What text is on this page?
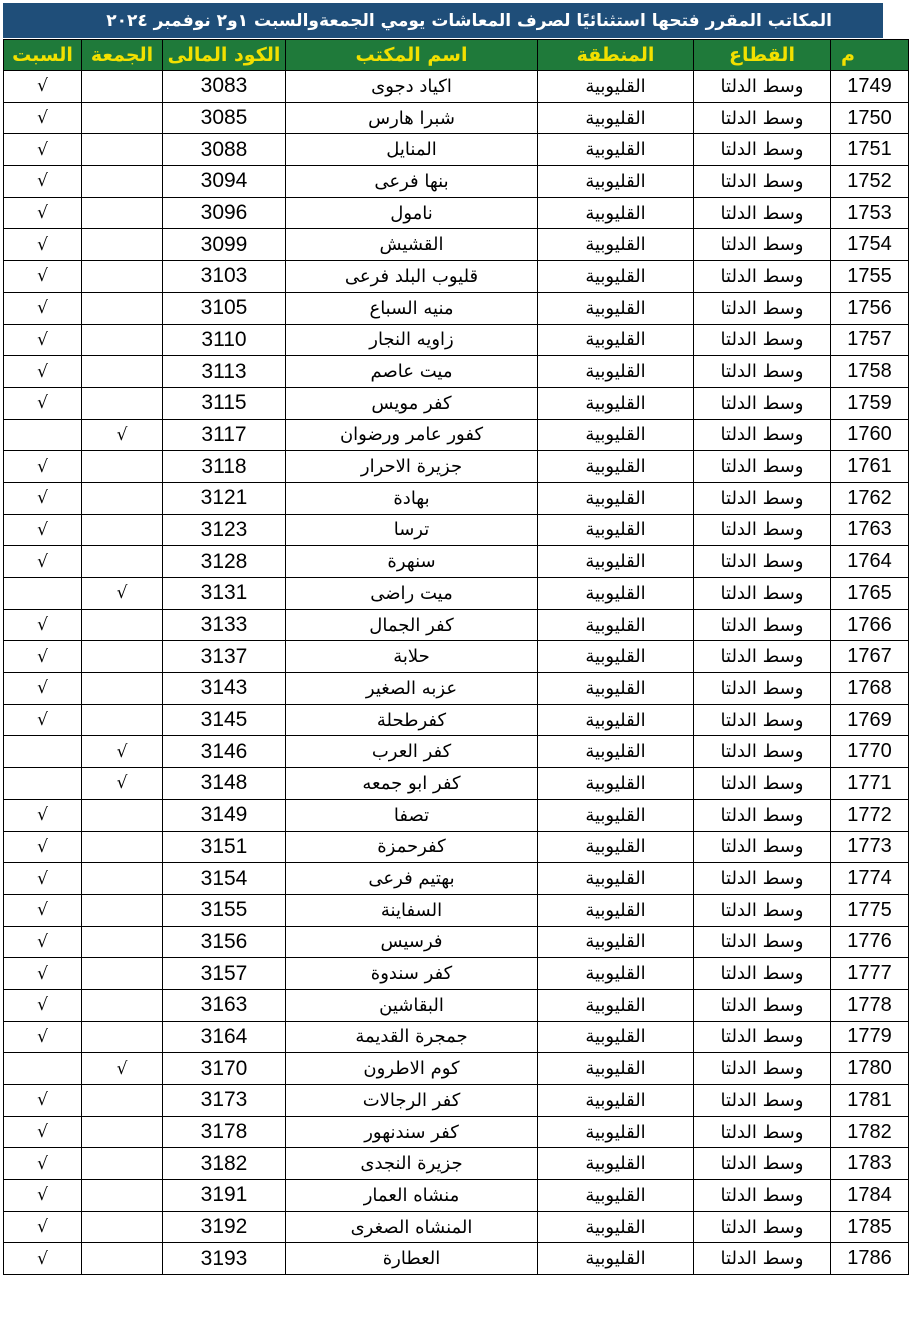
المكاتب المقرر فتحها استثنائيًا لصرف المعاشات يومي الجمعةوالسبت ١و٢ نوفمبر ٢٠٢٤
السبت	الجمعة	الكود المالى	اسم المكتب	المنطقة	القطاع	م
√		3083	اكياد دجوى	القليوبية	وسط الدلتا	1749
√		3085	شبرا هارس	القليوبية	وسط الدلتا	1750
√		3088	المنايل	القليوبية	وسط الدلتا	1751
√		3094	بنها فرعى	القليوبية	وسط الدلتا	1752
√		3096	نامول	القليوبية	وسط الدلتا	1753
√		3099	القشيش	القليوبية	وسط الدلتا	1754
√		3103	قليوب البلد فرعى	القليوبية	وسط الدلتا	1755
√		3105	منيه السباع	القليوبية	وسط الدلتا	1756
√		3110	زاويه النجار	القليوبية	وسط الدلتا	1757
√		3113	ميت عاصم	القليوبية	وسط الدلتا	1758
√		3115	كفر مويس	القليوبية	وسط الدلتا	1759
	√	3117	كفور عامر ورضوان	القليوبية	وسط الدلتا	1760
√		3118	جزيرة الاحرار	القليوبية	وسط الدلتا	1761
√		3121	بهادة	القليوبية	وسط الدلتا	1762
√		3123	ترسا	القليوبية	وسط الدلتا	1763
√		3128	سنهرة	القليوبية	وسط الدلتا	1764
	√	3131	ميت راضى	القليوبية	وسط الدلتا	1765
√		3133	كفر الجمال	القليوبية	وسط الدلتا	1766
√		3137	حلابة	القليوبية	وسط الدلتا	1767
√		3143	عزبه الصغير	القليوبية	وسط الدلتا	1768
√		3145	كفرطحلة	القليوبية	وسط الدلتا	1769
	√	3146	كفر العرب	القليوبية	وسط الدلتا	1770
	√	3148	كفر ابو جمعه	القليوبية	وسط الدلتا	1771
√		3149	تصفا	القليوبية	وسط الدلتا	1772
√		3151	كفرحمزة	القليوبية	وسط الدلتا	1773
√		3154	بهتيم فرعى	القليوبية	وسط الدلتا	1774
√		3155	السفاينة	القليوبية	وسط الدلتا	1775
√		3156	فرسيس	القليوبية	وسط الدلتا	1776
√		3157	كفر سندوة	القليوبية	وسط الدلتا	1777
√		3163	البقاشين	القليوبية	وسط الدلتا	1778
√		3164	جمجرة القديمة	القليوبية	وسط الدلتا	1779
	√	3170	كوم الاطرون	القليوبية	وسط الدلتا	1780
√		3173	كفر الرجالات	القليوبية	وسط الدلتا	1781
√		3178	كفر سندنهور	القليوبية	وسط الدلتا	1782
√		3182	جزيرة النجدى	القليوبية	وسط الدلتا	1783
√		3191	منشاه العمار	القليوبية	وسط الدلتا	1784
√		3192	المنشاه الصغرى	القليوبية	وسط الدلتا	1785
√		3193	العطارة	القليوبية	وسط الدلتا	1786
